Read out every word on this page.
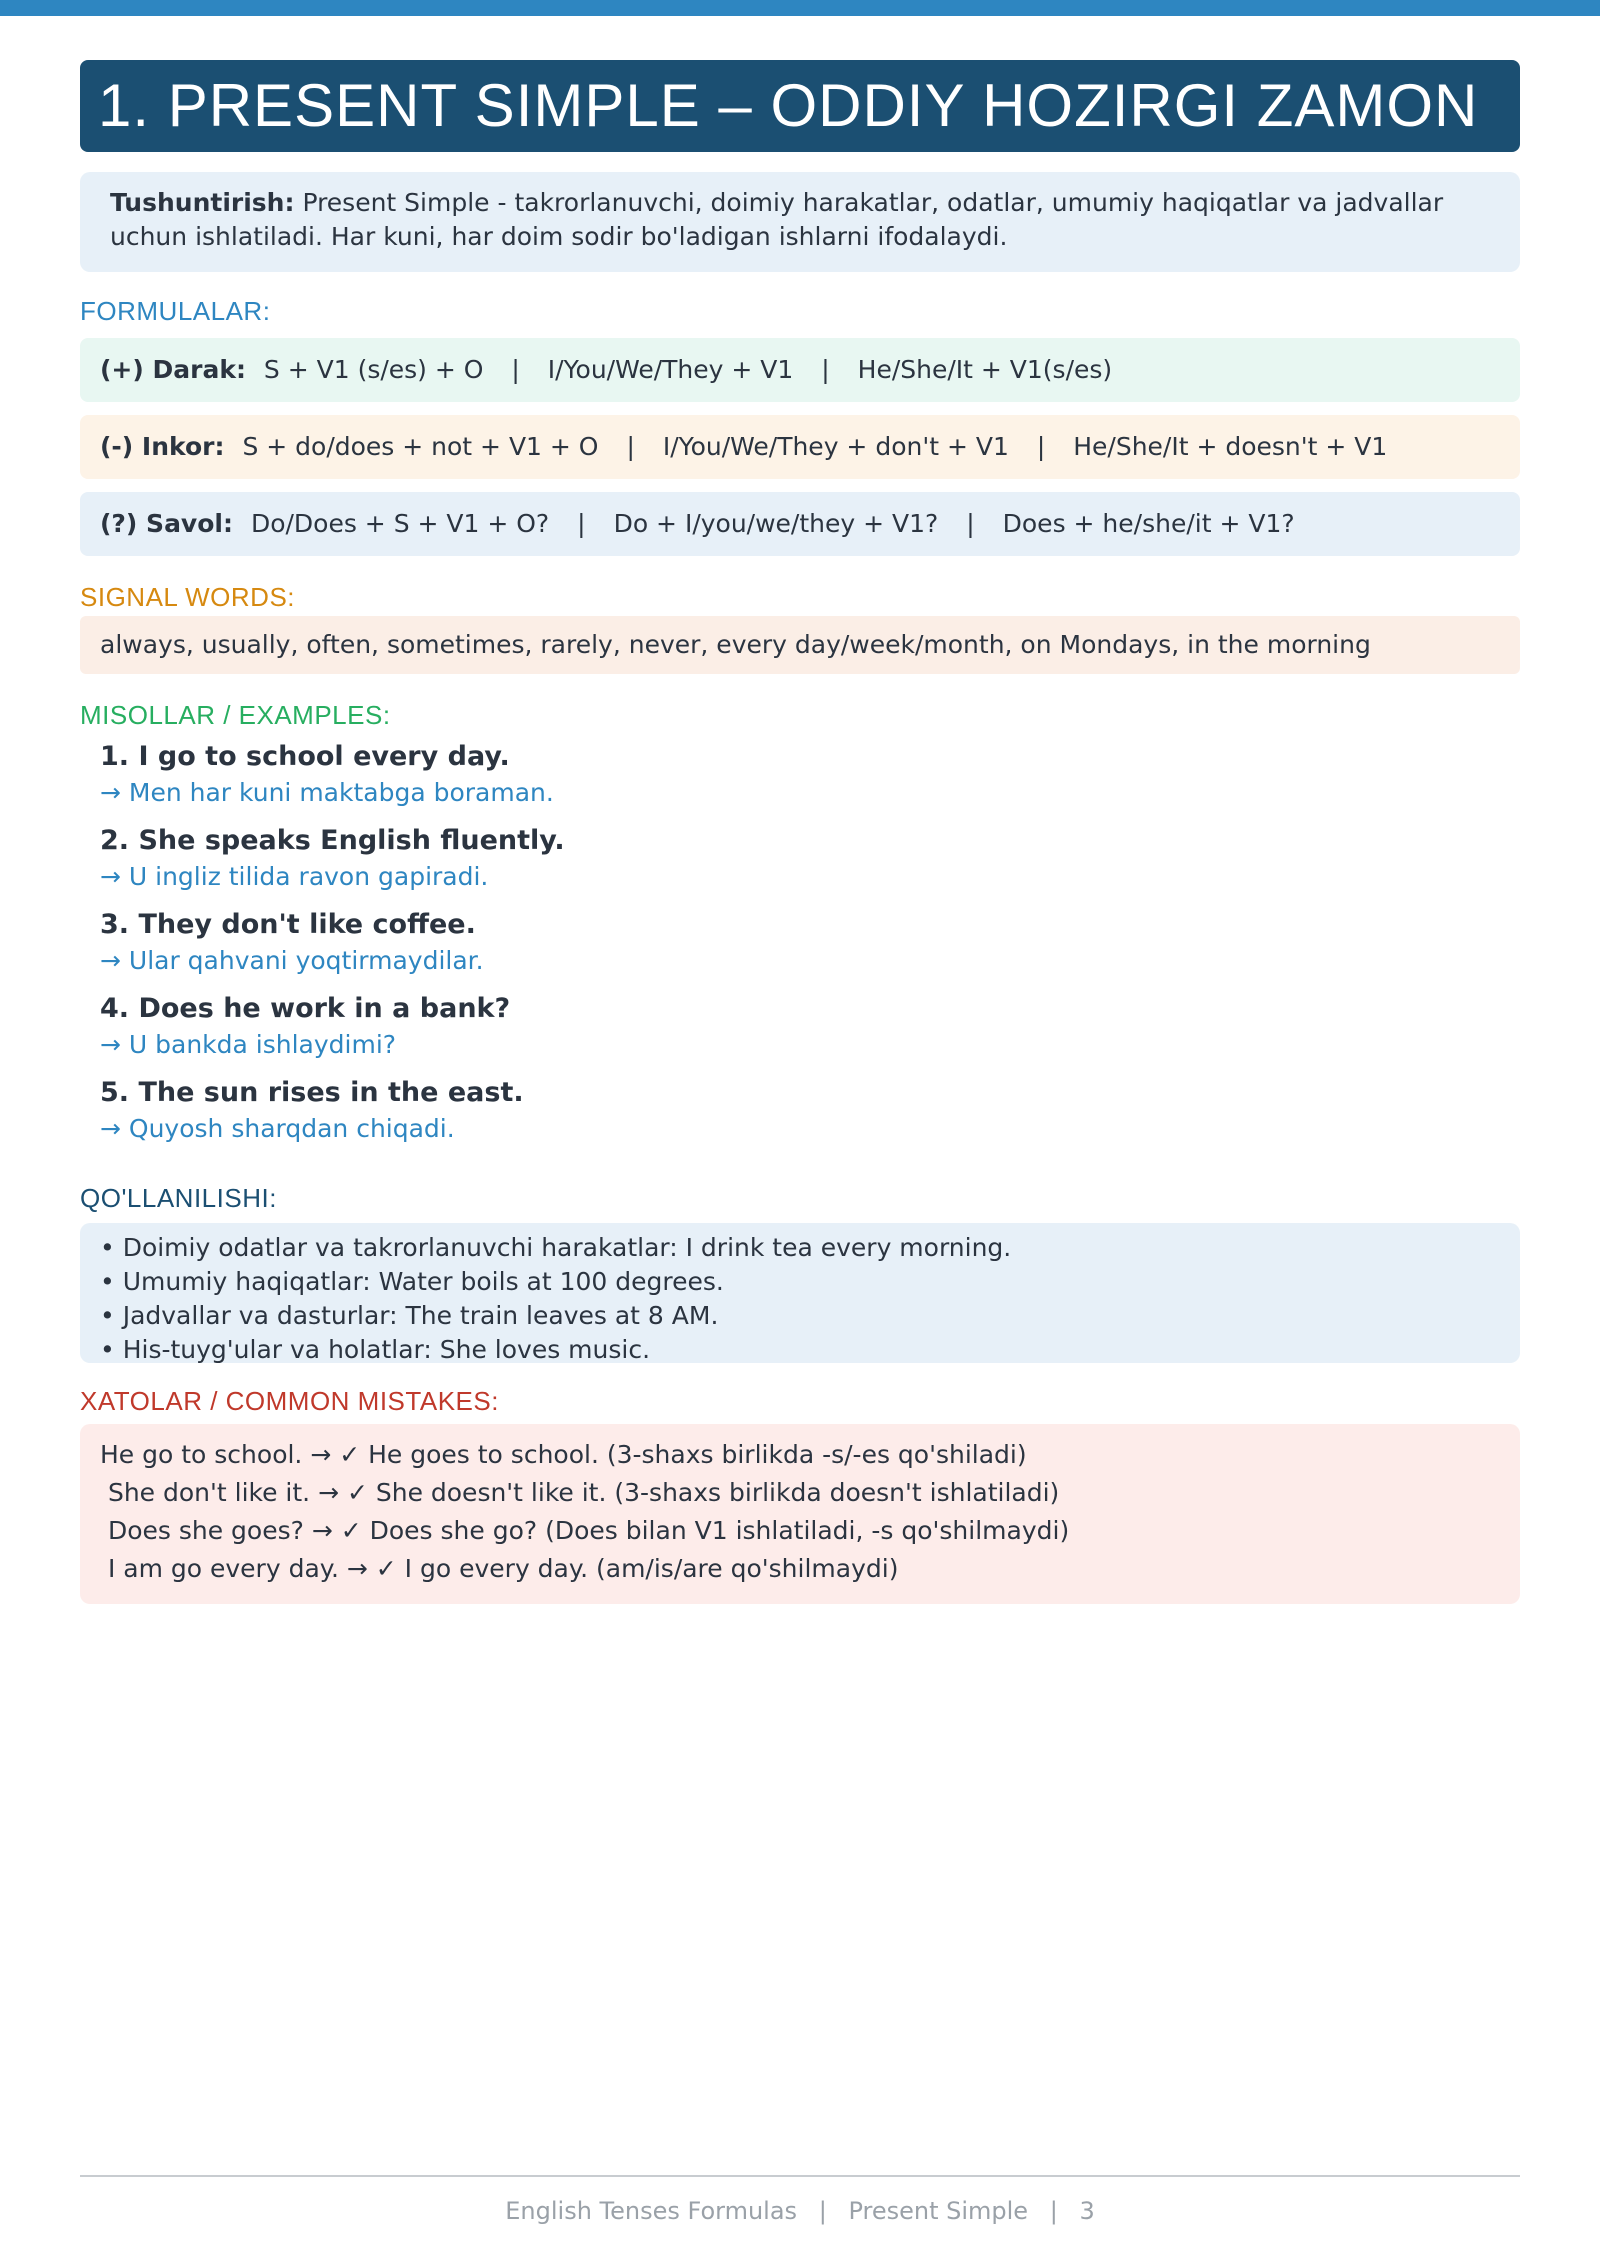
1. PRESENT SIMPLE – ODDIY HOZIRGI ZAMON
Tushuntirish: Present Simple - takrorlanuvchi, doimiy harakatlar, odatlar, umumiy haqiqatlar va jadvallar uchun ishlatiladi. Har kuni, har doim sodir bo'ladigan ishlarni ifodalaydi.
FORMULALAR:
(+) Darak: S + V1 (s/es) + O | I/You/We/They + V1 | He/She/It + V1(s/es)
(-) Inkor: S + do/does + not + V1 + O | I/You/We/They + don't + V1 | He/She/It + doesn't + V1
(?) Savol: Do/Does + S + V1 + O? | Do + I/you/we/they + V1? | Does + he/she/it + V1?
SIGNAL WORDS:
always, usually, often, sometimes, rarely, never, every day/week/month, on Mondays, in the morning
MISOLLAR / EXAMPLES:
1. I go to school every day.
→ Men har kuni maktabga boraman.
2. She speaks English fluently.
→ U ingliz tilida ravon gapiradi.
3. They don't like coffee.
→ Ular qahvani yoqtirmaydilar.
4. Does he work in a bank?
→ U bankda ishlaydimi?
5. The sun rises in the east.
→ Quyosh sharqdan chiqadi.
QO'LLANILISHI:
• Doimiy odatlar va takrorlanuvchi harakatlar: I drink tea every morning.
• Umumiy haqiqatlar: Water boils at 100 degrees.
• Jadvallar va dasturlar: The train leaves at 8 AM.
• His-tuyg'ular va holatlar: She loves music.
XATOLAR / COMMON MISTAKES:
He go to school. → ✓ He goes to school. (3-shaxs birlikda -s/-es qo'shiladi)
She don't like it. → ✓ She doesn't like it. (3-shaxs birlikda doesn't ishlatiladi)
Does she goes? → ✓ Does she go? (Does bilan V1 ishlatiladi, -s qo'shilmaydi)
I am go every day. → ✓ I go every day. (am/is/are qo'shilmaydi)
English Tenses Formulas | Present Simple | 3
